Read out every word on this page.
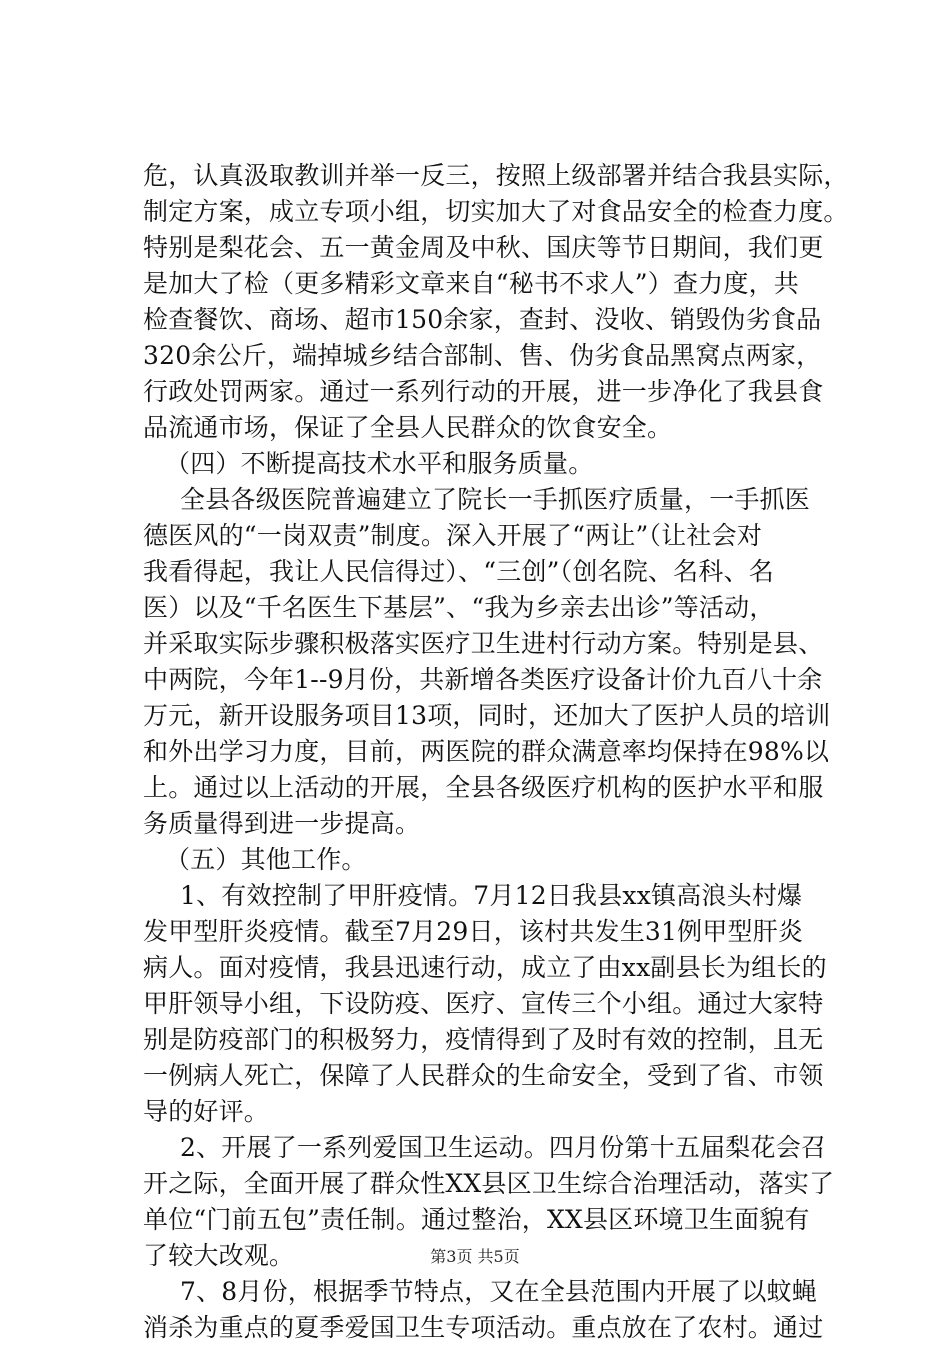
危，认真汲取教训并举一反三，按照上级部署并结合我县实际，
制定方案，成立专项小组，切实加大了对食品安全的检查力度。
特别是梨花会、五一黄金周及中秋、国庆等节日期间，我们更
是加大了检（更多精彩文章来自“秘书不求人”）查力度，共
检查餐饮、商场、超市150余家，查封、没收、销毁伪劣食品
320余公斤，端掉城乡结合部制、售、伪劣食品黑窝点两家，
行政处罚两家。通过一系列行动的开展，进一步净化了我县食
品流通市场，保证了全县人民群众的饮食安全。
（四）不断提高技术水平和服务质量。
全县各级医院普遍建立了院长一手抓医疗质量，一手抓医
德医风的“一岗双责”制度。深入开展了“两让”（让社会对
我看得起，我让人民信得过）、“三创”（创名院、名科、名
医）以及“千名医生下基层”、“我为乡亲去出诊”等活动，
并采取实际步骤积极落实医疗卫生进村行动方案。特别是县、
中两院，今年1--9月份，共新增各类医疗设备计价九百八十余
万元，新开设服务项目13项，同时，还加大了医护人员的培训
和外出学习力度，目前，两医院的群众满意率均保持在98%以
上。通过以上活动的开展，全县各级医疗机构的医护水平和服
务质量得到进一步提高。
（五）其他工作。
1、有效控制了甲肝疫情。7月12日我县xx镇高浪头村爆
发甲型肝炎疫情。截至7月29日，该村共发生31例甲型肝炎
病人。面对疫情，我县迅速行动，成立了由xx副县长为组长的
甲肝领导小组，下设防疫、医疗、宣传三个小组。通过大家特
别是防疫部门的积极努力，疫情得到了及时有效的控制，且无
一例病人死亡，保障了人民群众的生命安全，受到了省、市领
导的好评。
2、开展了一系列爱国卫生运动。四月份第十五届梨花会召
开之际，全面开展了群众性XX县区卫生综合治理活动，落实了
单位“门前五包”责任制。通过整治，XX县区环境卫生面貌有
了较大改观。
7、8月份，根据季节特点，又在全县范围内开展了以蚊蝇
消杀为重点的夏季爱国卫生专项活动。重点放在了农村。通过
第3页 共5页
